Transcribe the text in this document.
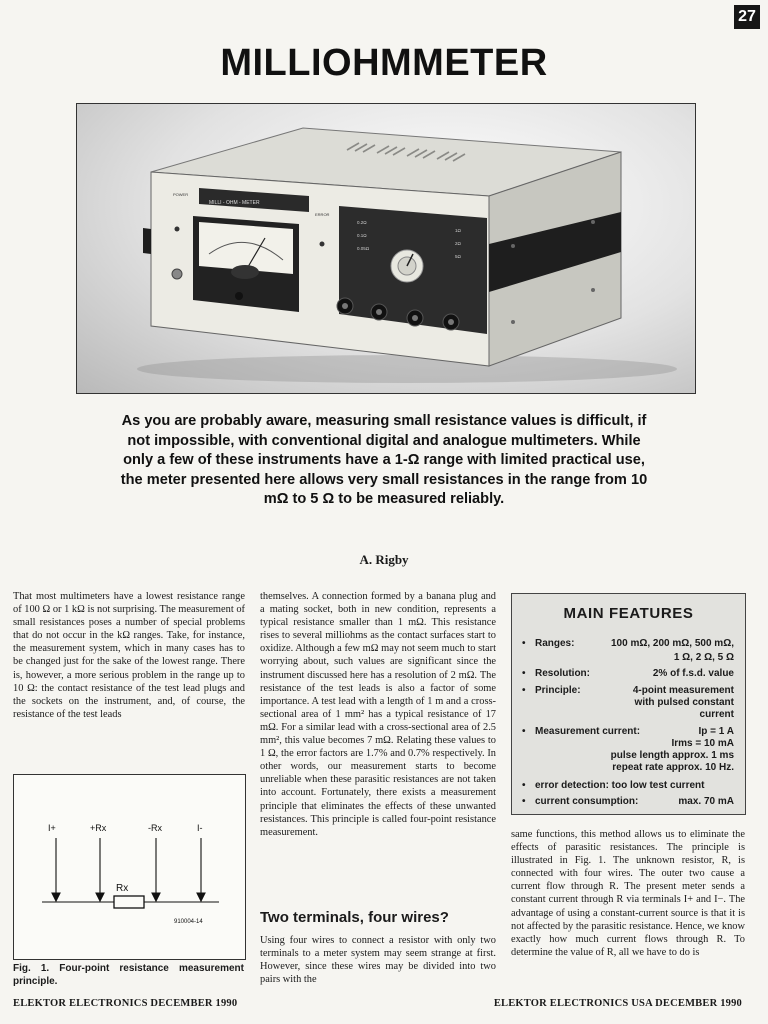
27
MILLIOHMMETER
MILLI - OHM - METER
POWER
ERROR
0.2Ω
0.1Ω
0.05Ω
1Ω
2Ω
5Ω
As you are probably aware, measuring small resistance values is difficult, if not impossible, with conventional digital and analogue multimeters. While only a few of these instruments have a 1-Ω range with limited practical use, the meter presented here allows very small resistances in the range from 10 mΩ to 5 Ω to be measured reliably.
A. Rigby
That most multimeters have a lowest resistance range of 100 Ω or 1 kΩ is not surprising. The measurement of small resistances poses a number of special problems that do not occur in the kΩ ranges. Take, for instance, the measurement system, which in many cases has to be changed just for the sake of the lowest range. There is, however, a more serious problem in the range up to 10 Ω: the contact resistance of the test lead plugs and the sockets on the instrument, and, of course, the resistance of the test leads
themselves. A connection formed by a banana plug and a mating socket, both in new condition, represents a typical resistance smaller than 1 mΩ. This resistance rises to several milliohms as the contact surfaces start to oxidize. Although a few mΩ may not seem much to start worrying about, such values are significant since the instrument discussed here has a resolution of 2 mΩ. The resistance of the test leads is also a factor of some importance. A test lead with a length of 1 m and a cross-sectional area of 1 mm² has a typical resistance of 17 mΩ. For a similar lead with a cross-sectional area of 2.5 mm², this value becomes 7 mΩ. Relating these values to 1 Ω, the error factors are 1.7% and 0.7% respectively. In other words, our measurement starts to become unreliable when these parasitic resistances are not taken into account. Fortunately, there exists a measurement principle that eliminates the effects of these unwanted resistances. This principle is called four-point resistance measurement.
Two terminals, four wires?
Using four wires to connect a resistor with only two terminals to a meter system may seem strange at first. However, since these wires may be divided into two pairs with the
same functions, this method allows us to eliminate the effects of parasitic resistances. The principle is illustrated in Fig. 1. The unknown resistor, R, is connected with four wires. The outer two cause a current flow through R. The present meter sends a constant current through R via terminals I+ and I−. The advantage of using a constant-current source is that it is not affected by the parasitic resistance. Hence, we know exactly how much current flows through R. To determine the value of R, all we have to do is
I+	+Rx	-Rx	I-
Rx
910004-14
Fig. 1. Four-point resistance measurement principle.
MAIN FEATURES
• Ranges:	100 mΩ, 200 mΩ, 500 mΩ,
1 Ω, 2 Ω, 5 Ω
• Resolution:	2% of f.s.d. value
• Principle:	4-point measurement
with pulsed constant
current
• Measurement current:	Ip = 1 A
Irms = 10 mA
pulse length approx. 1 ms
repeat rate approx. 10 Hz.
• error detection: too low test current
• current consumption:	max. 70 mA
ELEKTOR ELECTRONICS DECEMBER 1990	ELEKTOR ELECTRONICS USA DECEMBER 1990
